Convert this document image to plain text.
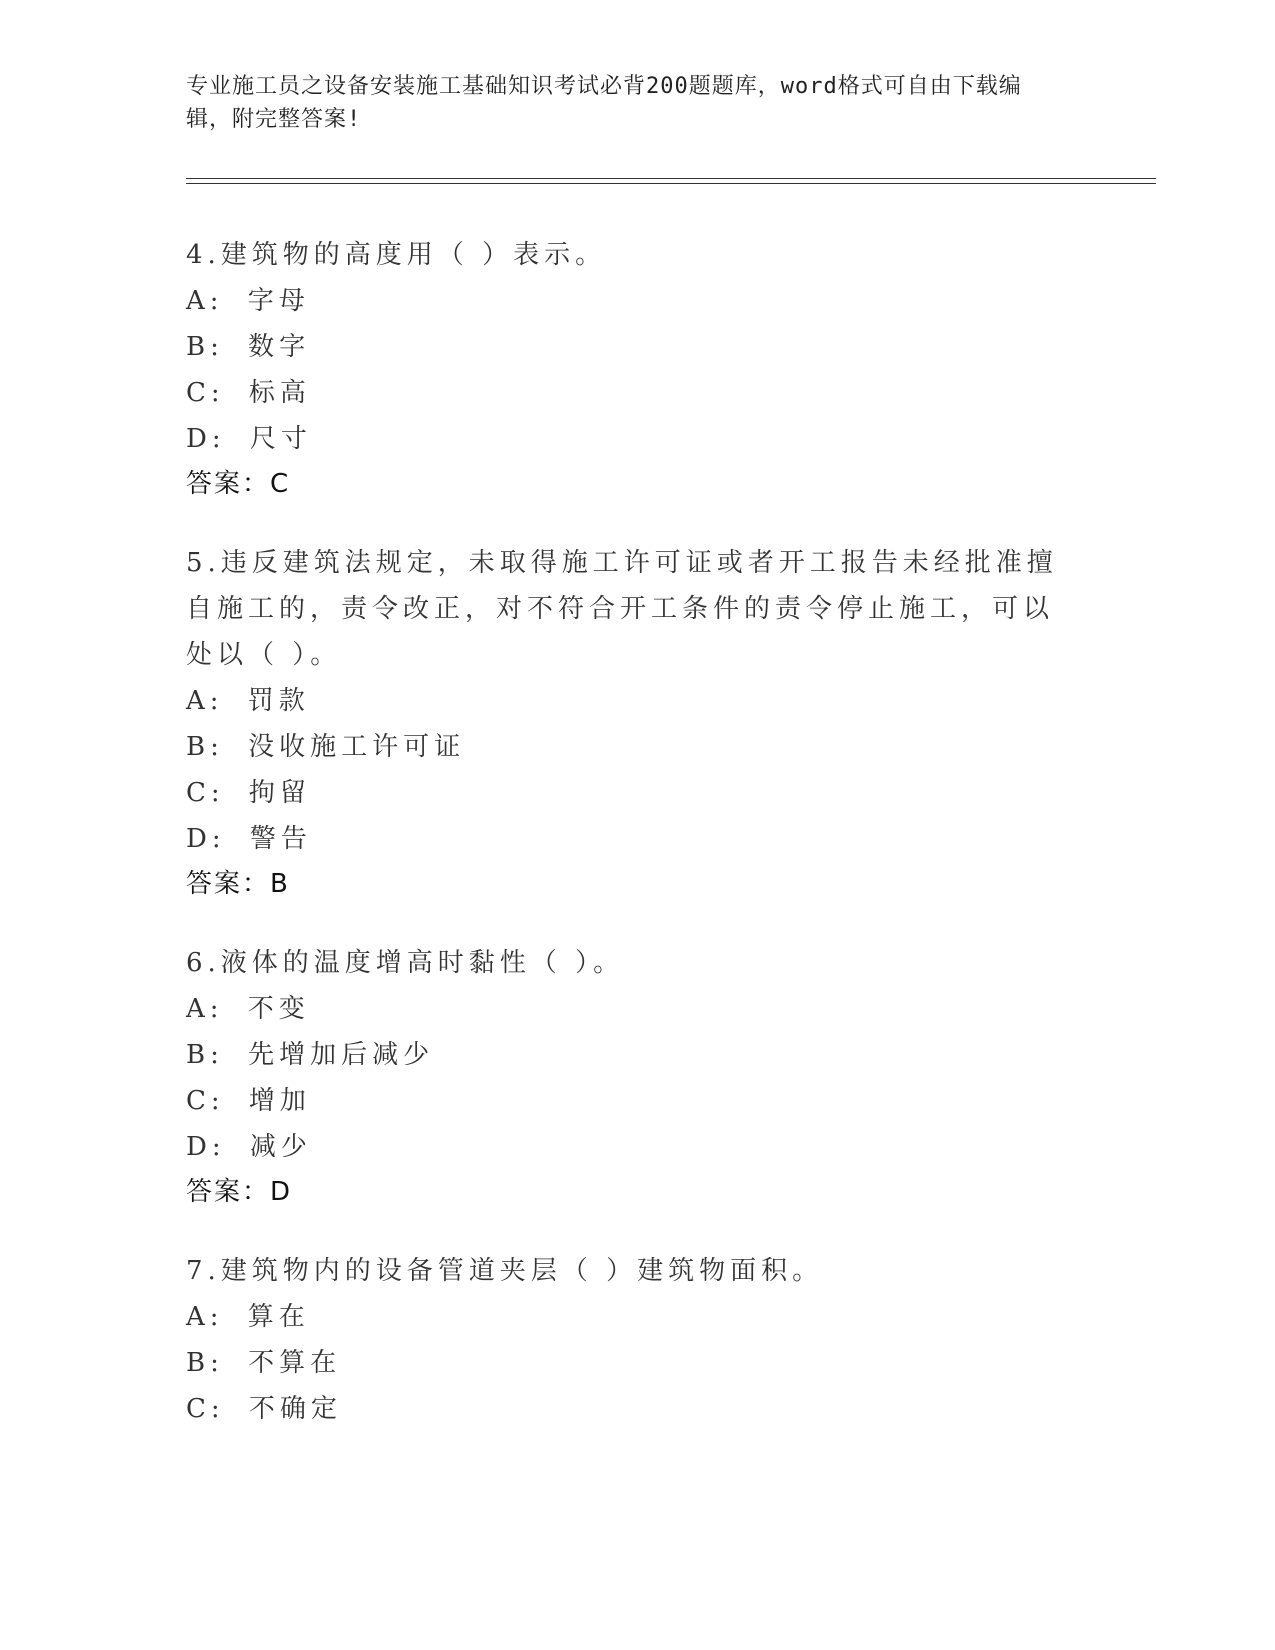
专业施工员之设备安装施工基础知识考试必背200题题库，word格式可自由下载编辑，附完整答案!

4.建筑物的高度用（ ）表示。

A : 字母

B : 数字

C : 标高

D : 尺寸

答案：C

5.违反建筑法规定，未取得施工许可证或者开工报告未经批准擅自施工的，责令改正，对不符合开工条件的责令停止施工，可以处以（ ）。

A : 罚款

B : 没收施工许可证

C : 拘留

D : 警告

答案：B

6.液体的温度增高时黏性（ ）。

A : 不变

B : 先增加后减少

C : 增加

D : 减少

答案：D

7.建筑物内的设备管道夹层（ ）建筑物面积。

A : 算在

B : 不算在

C : 不确定
